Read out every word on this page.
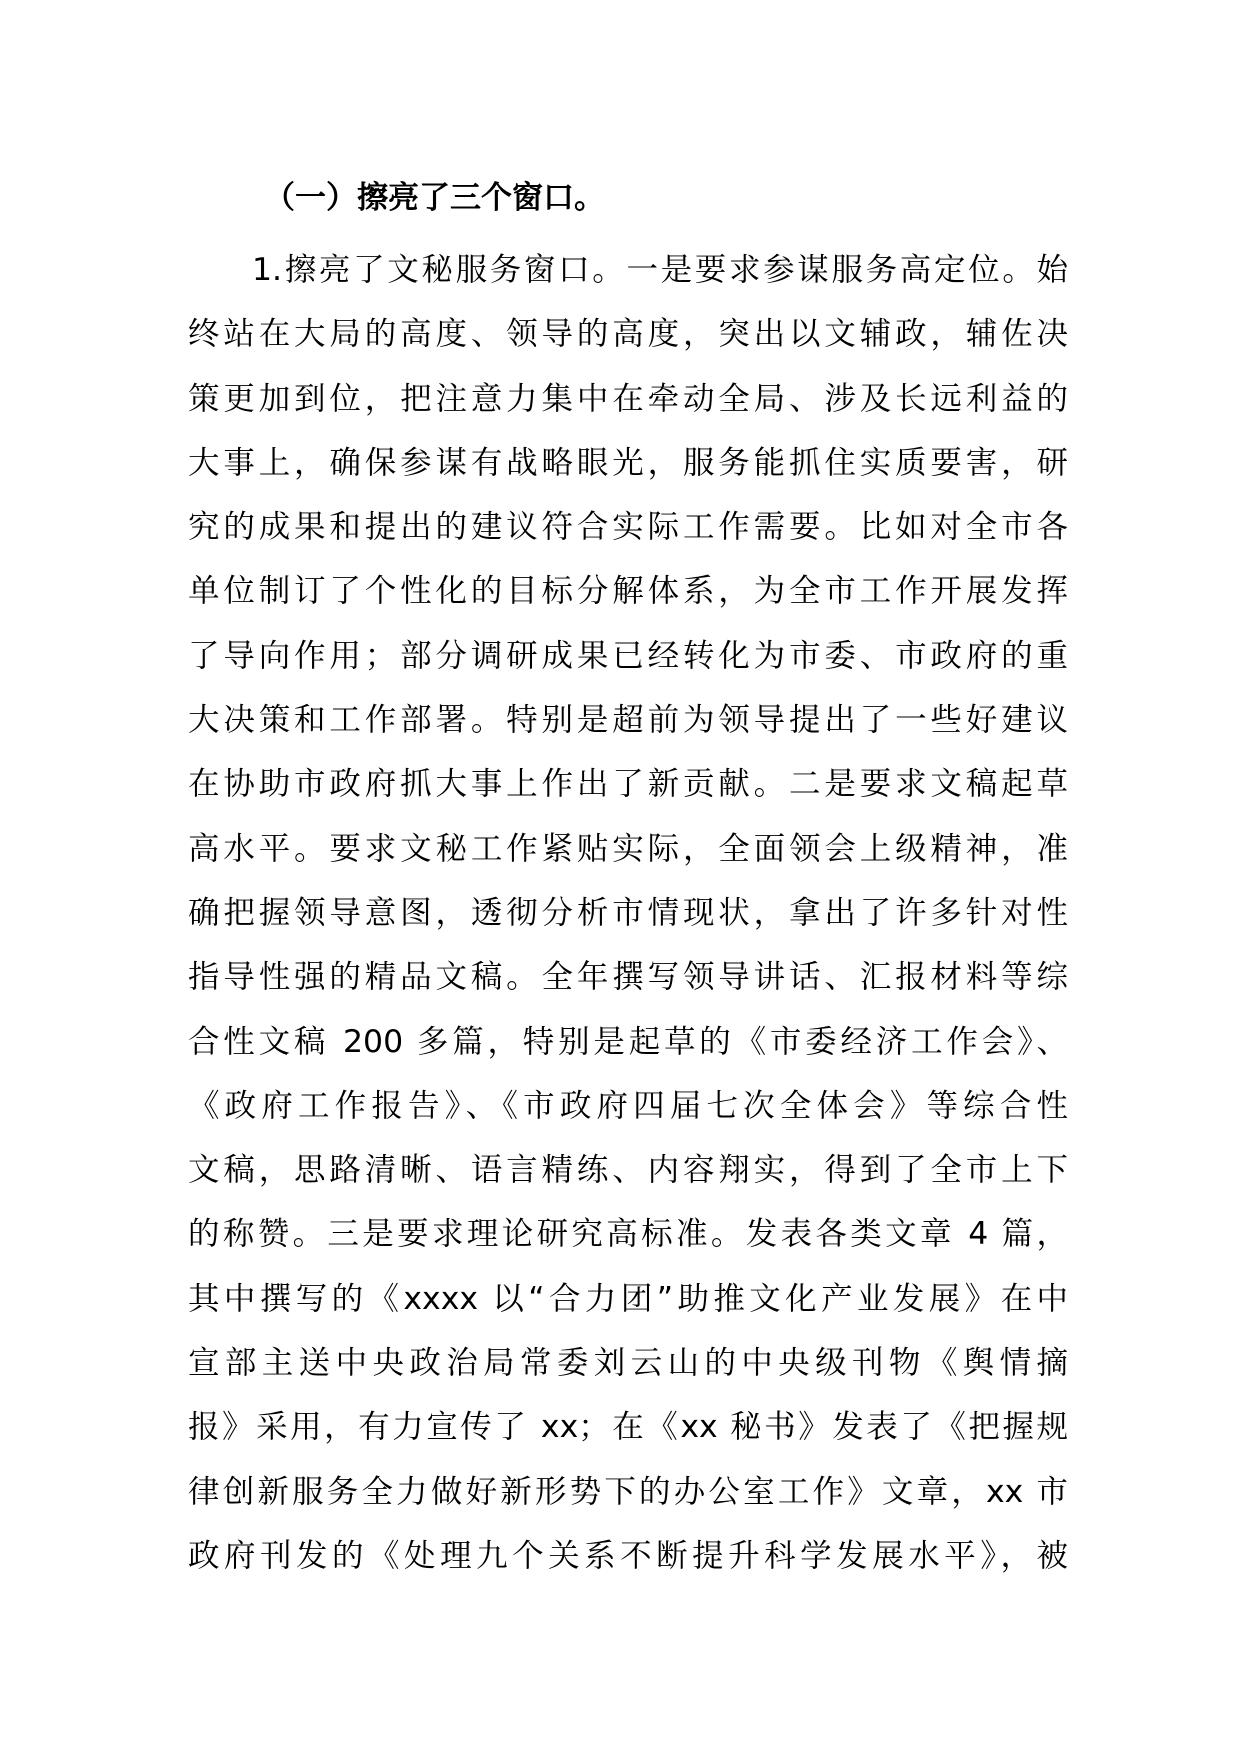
（一）擦亮了三个窗口。
1.擦亮了文秘服务窗口。一是要求参谋服务高定位。始
终站在大局的高度、领导的高度，突出以文辅政，辅佐决
策更加到位，把注意力集中在牵动全局、涉及长远利益的
大事上，确保参谋有战略眼光，服务能抓住实质要害，研
究的成果和提出的建议符合实际工作需要。比如对全市各
单位制订了个性化的目标分解体系，为全市工作开展发挥
了导向作用；部分调研成果已经转化为市委、市政府的重
大决策和工作部署。特别是超前为领导提出了一些好建议
在协助市政府抓大事上作出了新贡献。二是要求文稿起草
高水平。要求文秘工作紧贴实际，全面领会上级精神，准
确把握领导意图，透彻分析市情现状，拿出了许多针对性
指导性强的精品文稿。全年撰写领导讲话、汇报材料等综
合性文稿 200 多篇，特别是起草的《市委经济工作会》、
《政府工作报告》、《市政府四届七次全体会》等综合性
文稿，思路清晰、语言精练、内容翔实，得到了全市上下
的称赞。三是要求理论研究高标准。发表各类文章 4 篇，
其中撰写的《xxxx 以“合力团”助推文化产业发展》在中
宣部主送中央政治局常委刘云山的中央级刊物《舆情摘
报》采用，有力宣传了 xx；在《xx 秘书》发表了《把握规
律创新服务全力做好新形势下的办公室工作》文章，xx 市
政府刊发的《处理九个关系不断提升科学发展水平》，被
